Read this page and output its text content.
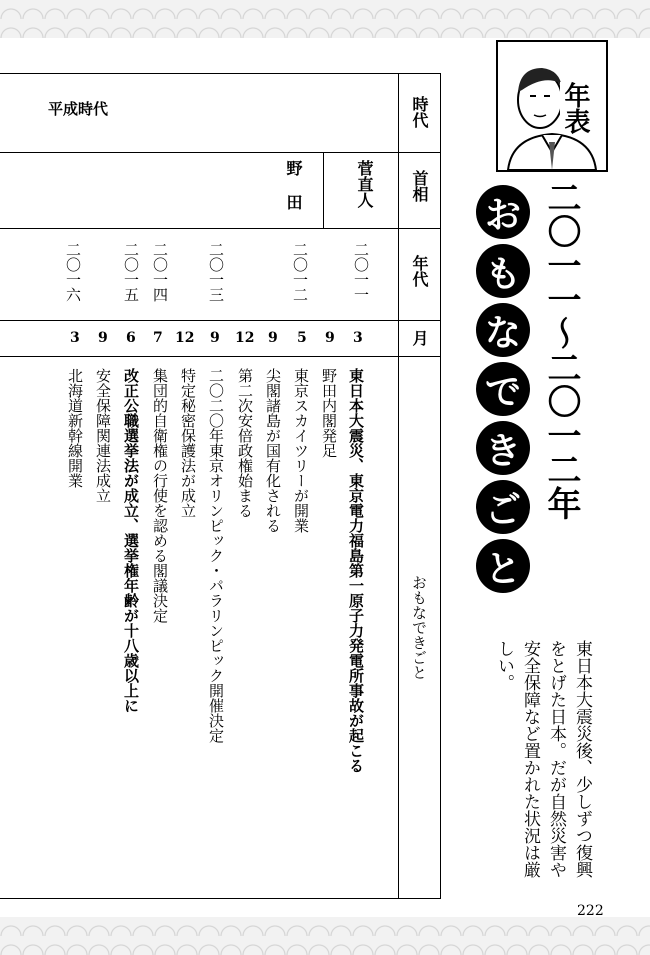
時代
首相
年代
月
おもなできごと
平成時代
菅直人
野田
二〇一一
二〇一二
二〇一三
二〇一四
二〇一五
二〇一六
3
9
5
9
12
9
12
7
6
9
3
東日本大震災、東京電力福島第一原子力発電所事故が起こる
野田内閣発足
東京スカイツリーが開業
尖閣諸島が国有化される
第二次安倍政権始まる
二〇二〇年東京オリンピック・パラリンピック開催決定
特定秘密保護法が成立
集団的自衛権の行使を認める閣議決定
改正公職選挙法が成立、選挙権年齢が十八歳以上に
安全保障関連法成立
北海道新幹線開業
年表
二〇一一〜二〇一二年
お
も
な
で
き
ご
と
東日本大震災後、少しずつ復興をとげた日本。だが自然災害や安全保障など置かれた状況は厳しい。
222
